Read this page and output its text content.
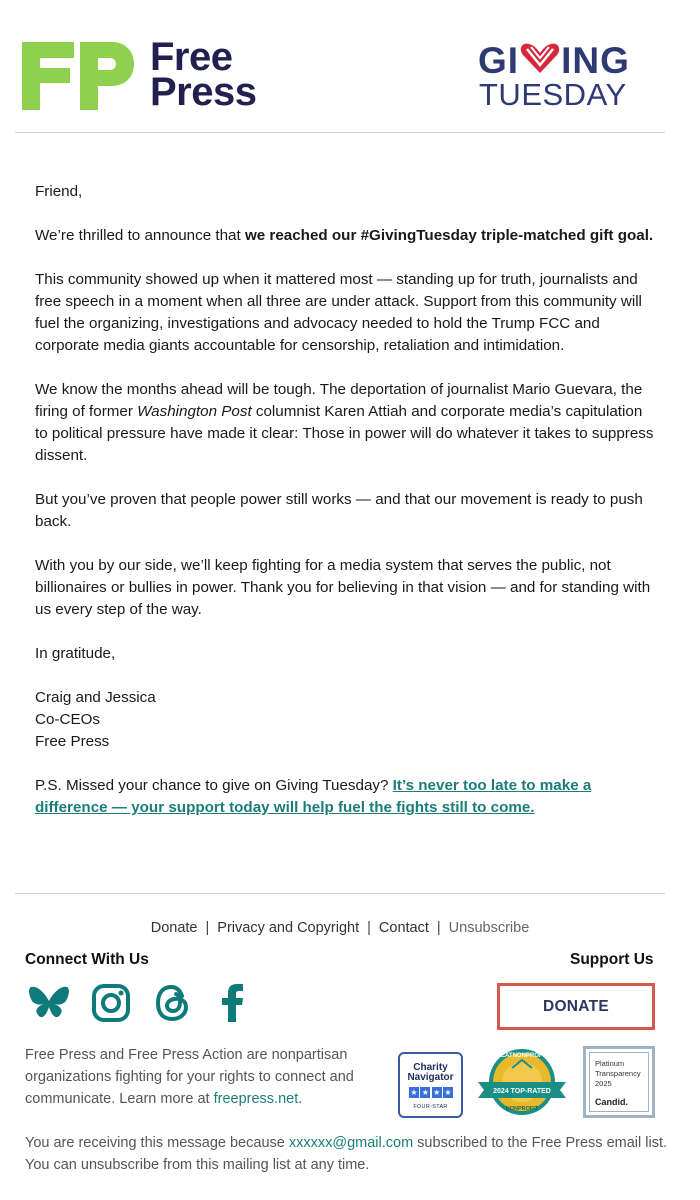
Free
Press
GI ING
TUESDAY

Friend,

We’re thrilled to announce that we reached our #GivingTuesday triple-matched gift goal.

This community showed up when it mattered most — standing up for truth, journalists and free speech in a moment when all three are under attack. Support from this community will fuel the organizing, investigations and advocacy needed to hold the Trump FCC and corporate media giants accountable for censorship, retaliation and intimidation.

We know the months ahead will be tough. The deportation of journalist Mario Guevara, the firing of former Washington Post columnist Karen Attiah and corporate media’s capitulation to political pressure have made it clear: Those in power will do whatever it takes to suppress dissent.

But you’ve proven that people power still works — and that our movement is ready to push back.

With you by our side, we’ll keep fighting for a media system that serves the public, not billionaires or bullies in power. Thank you for believing in that vision — and for standing with us every step of the way.

In gratitude,

Craig and Jessica
Co-CEOs
Free Press

P.S. Missed your chance to give on Giving Tuesday? It’s never too late to make a difference — your support today will help fuel the fights still to come.

Donate | Privacy and Copyright | Contact | Unsubscribe
Connect With Us	Support Us
DONATE
Free Press and Free Press Action are nonpartisan organizations fighting for your rights to connect and communicate. Learn more at freepress.net.
Charity
Navigator
★ ★ ★ ★
FOUR-STAR
GREATNONPROFITS
2024 TOP-RATED
NONPROFIT
Platinum
Transparency
2025
Candid.
You are receiving this message because xxxxxx@gmail.com subscribed to the Free Press email list. You can unsubscribe from this mailing list at any time.
